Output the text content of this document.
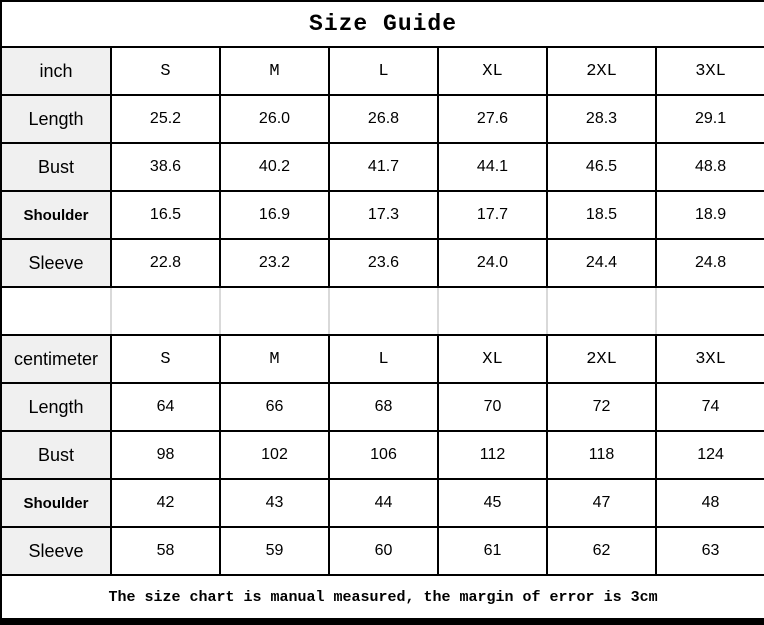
Size Guide						
inch	S	M	L	XL	2XL	3XL
Length	25.2	26.0	26.8	27.6	28.3	29.1
Bust	38.6	40.2	41.7	44.1	46.5	48.8
Shoulder	16.5	16.9	17.3	17.7	18.5	18.9
Sleeve	22.8	23.2	23.6	24.0	24.4	24.8

centimeter	S	M	L	XL	2XL	3XL
Length	64	66	68	70	72	74
Bust	98	102	106	112	118	124
Shoulder	42	43	44	45	47	48
Sleeve	58	59	60	61	62	63
The size chart is manual measured, the margin of error is 3cm						
